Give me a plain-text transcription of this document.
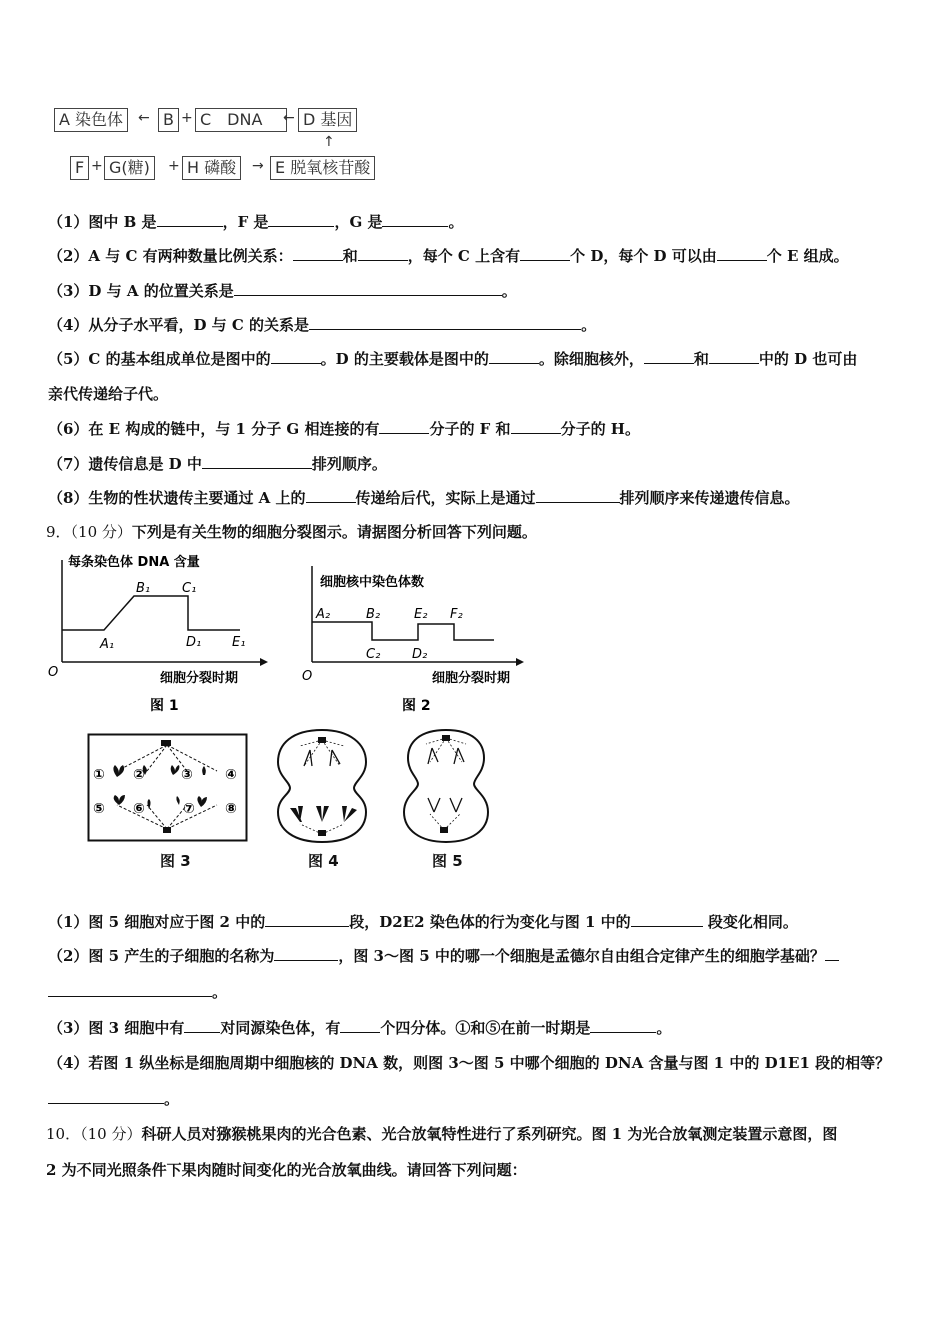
A 染色体	← B + C　DNA	← D 基因
↑
F + G(糖)	+ H 磷酸	→ E 脱氧核苷酸
（1）图中 B 是	，F 是	，G 是	。
（2）A 与 C 有两种数量比例关系：	和	，每个 C 上含有	个 D，每个 D 可以由	个 E 组成。
（3）D 与 A 的位置关系是	。
（4）从分子水平看，D 与 C 的关系是	。
（5）C 的基本组成单位是图中的	。D 的主要载体是图中的	。除细胞核外，	和	中的 D 也可由
亲代传递给子代。
（6）在 E 构成的链中，与 1 分子 G 相连接的有	分子的 F 和	分子的 H。
（7）遗传信息是 D 中	排列顺序。
（8）生物的性状遗传主要通过 A 上的	传递给后代，实际上是通过	排列顺序来传递遗传信息。
9．（10 分）下列是有关生物的细胞分裂图示。请据图分析回答下列问题。
每条染色体 DNA 含量
A₁
B₁ C₁
D₁ E₁
O	细胞分裂时期
图 1
细胞核中染色体数
A₂	B₂
C₂ D₂
E₂ F₂
O	细胞分裂时期
图 2
① ②	③ ④
⑤ ⑥	⑦ ⑧
图 3	图 4	图 5
（1）图 5 细胞对应于图 2 中的	段，D2E2 染色体的行为变化与图 1 中的	段变化相同。
（2）图 5 产生的子细胞的名称为	，图 3～图 5 中的哪一个细胞是孟德尔自由组合定律产生的细胞学基础？
。
（3）图 3 细胞中有 对同源染色体，有	个四分体。①和⑤在前一时期是	。
（4）若图 1 纵坐标是细胞周期中细胞核的 DNA 数，则图 3～图 5 中哪个细胞的 DNA 含量与图 1 中的 D1E1 段的相等？
。
10．（10 分）科研人员对猕猴桃果肉的光合色素、光合放氧特性进行了系列研究。图 1 为光合放氧测定装置示意图，图
2 为不同光照条件下果肉随时间变化的光合放氧曲线。请回答下列问题：
